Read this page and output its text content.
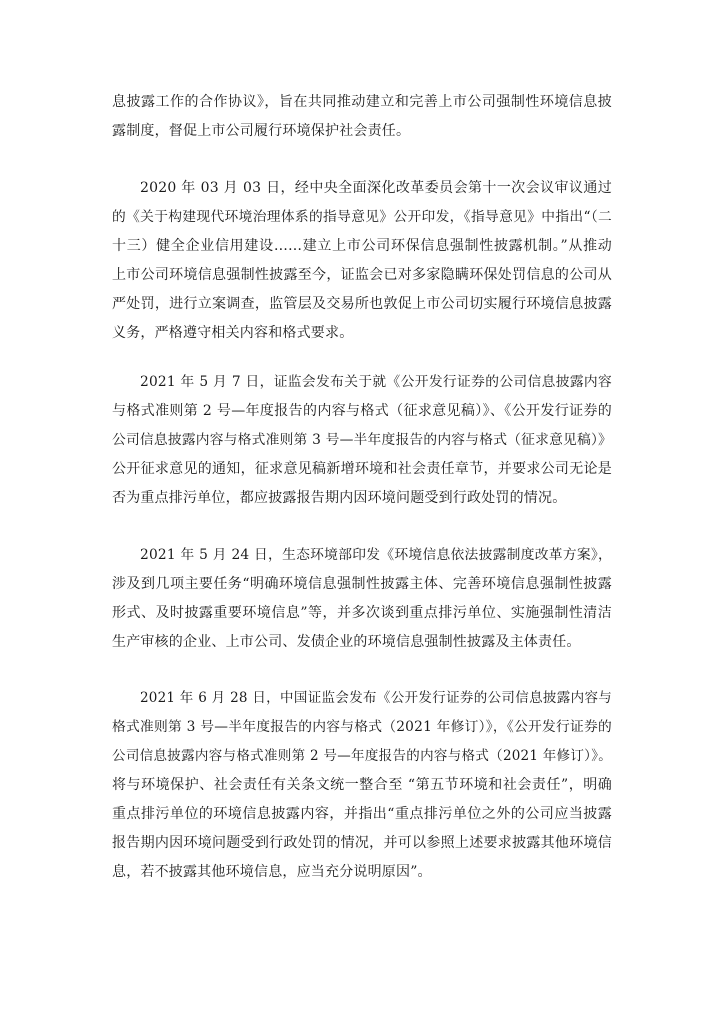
息披露工作的合作协议》，旨在共同推动建立和完善上市公司强制性环境信息披
露制度，督促上市公司履行环境保护社会责任。

2020 年 03 月 03 日，经中央全面深化改革委员会第十一次会议审议通过
的《关于构建现代环境治理体系的指导意见》公开印发，《指导意见》中指出“（二
十三）健全企业信用建设……建立上市公司环保信息强制性披露机制。”从推动
上市公司环境信息强制性披露至今，证监会已对多家隐瞒环保处罚信息的公司从
严处罚，进行立案调查，监管层及交易所也敦促上市公司切实履行环境信息披露
义务，严格遵守相关内容和格式要求。

2021 年 5 月 7 日，证监会发布关于就《公开发行证券的公司信息披露内容
与格式准则第 2 号—年度报告的内容与格式（征求意见稿）》、《公开发行证券的
公司信息披露内容与格式准则第 3 号—半年度报告的内容与格式（征求意见稿）》
公开征求意见的通知，征求意见稿新增环境和社会责任章节，并要求公司无论是
否为重点排污单位，都应披露报告期内因环境问题受到行政处罚的情况。

2021 年 5 月 24 日，生态环境部印发《环境信息依法披露制度改革方案》，
涉及到几项主要任务“明确环境信息强制性披露主体、完善环境信息强制性披露
形式、及时披露重要环境信息”等，并多次谈到重点排污单位、实施强制性清洁
生产审核的企业、上市公司、发债企业的环境信息强制性披露及主体责任。

2021 年 6 月 28 日，中国证监会发布《公开发行证券的公司信息披露内容与
格式准则第 3 号—半年度报告的内容与格式（2021 年修订）》，《公开发行证券的
公司信息披露内容与格式准则第 2 号—年度报告的内容与格式（2021 年修订）》。
将与环境保护、社会责任有关条文统一整合至 “第五节环境和社会责任”，明确
重点排污单位的环境信息披露内容，并指出“重点排污单位之外的公司应当披露
报告期内因环境问题受到行政处罚的情况，并可以参照上述要求披露其他环境信
息，若不披露其他环境信息，应当充分说明原因”。
